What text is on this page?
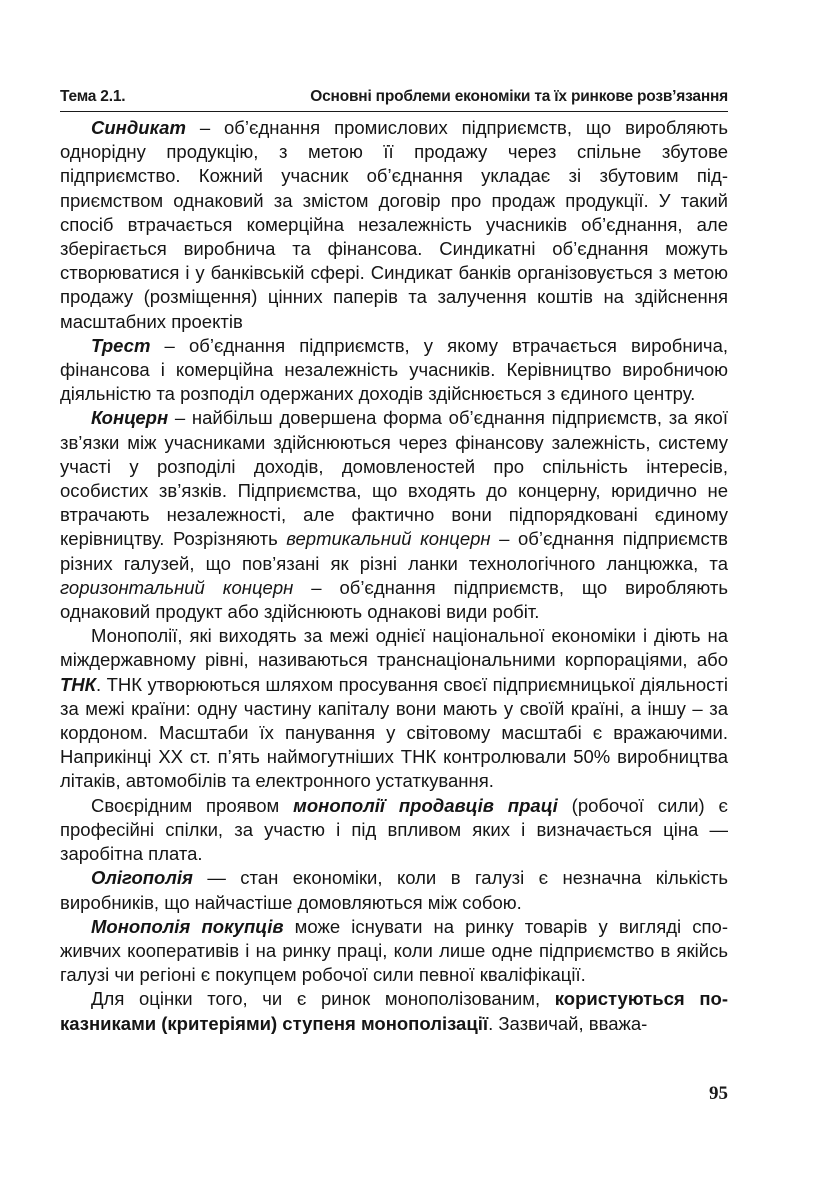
Тема 2.1.	Основні проблеми економіки та їх ринкове розв’язання

Синдикат – об’єднання промислових підприємств, що виробляють однорідну продукцію, з метою її продажу через спільне збутове підприємство. Кожний учасник об’єднання укладає зі збутовим підприємством однаковий за змістом договір про продаж продукції. У такий спосіб втрачається комерційна незалежність учасників об’єднання, але зберігається виробнича та фінансова. Синдикатні об’єднання можуть створюватися і у банківській сфері. Синдикат банків організовується з метою продажу (розміщення) цінних паперів та залучення коштів на здійснення масштабних проектів

Трест – об’єднання підприємств, у якому втрачається виробнича, фінансова і комерційна незалежність учасників. Керівництво виробничою діяльністю та розподіл одержаних доходів здійснюється з єдиного центру.

Концерн – найбільш довершена форма об’єднання підприємств, за якої зв’язки між учасниками здійснюються через фінансову залежність, систему участі у розподілі доходів, домовленостей про спільність інтересів, особистих зв’язків. Підприємства, що входять до концерну, юридично не втрачають незалежності, але фактично вони підпорядковані єдиному керівництву. Розрізняють вертикальний концерн – об’єднання підприємств різних галузей, що пов’язані як різні ланки технологічного ланцюжка, та горизонтальний концерн – об’єднання підприємств, що виробляють однаковий продукт або здійснюють однакові види робіт.

Монополії, які виходять за межі однієї національної економіки і діють на міждержавному рівні, називаються транснаціональними корпораціями, або ТНК. ТНК утворюються шляхом просування своєї підприємницької діяльності за межі країни: одну частину капіталу вони мають у своїй країні, а іншу – за кордоном. Масштаби їх панування у світовому масштабі є вражаючими. Наприкінці XX ст. п’ять наймогутніших ТНК контролювали 50% виробництва літаків, автомобілів та електронного устаткування.

Своєрідним проявом монополії продавців праці (робочої сили) є професійні спілки, за участю і під впливом яких і визначається ціна — заробітна плата.

Олігополія — стан економіки, коли в галузі є незначна кількість виробників, що найчастіше домовляються між собою.

Монополія покупців може існувати на ринку товарів у вигляді споживчих кооперативів і на ринку праці, коли лише одне підприємство в якійсь галузі чи регіоні є покупцем робочої сили певної кваліфікації.

Для оцінки того, чи є ринок монополізованим, користуються показниками (критеріями) ступеня монополізації. Зазвичай, вважа-

95
